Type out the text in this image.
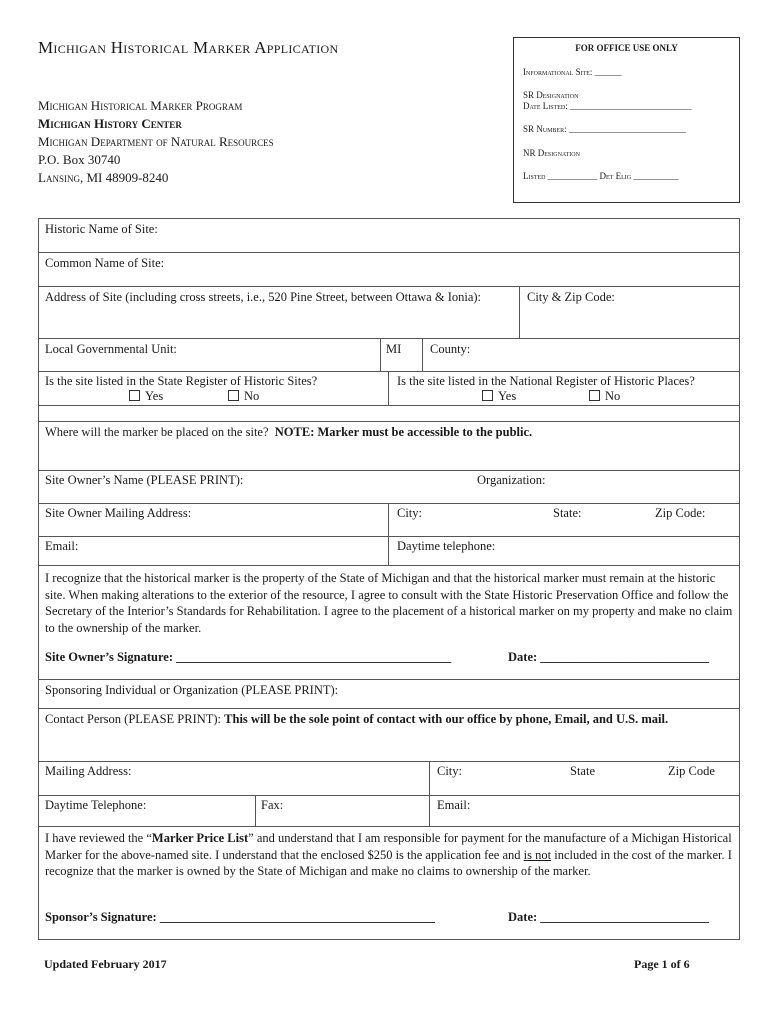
Michigan Historical Marker Application
Michigan Historical Marker Program
Michigan History Center
Michigan Department of Natural Resources
P.O. Box 30740
Lansing, MI 48909-8240
FOR OFFICE USE ONLY
Informational Site: ______
SR Designation
Date Listed: ___________________________
SR Number: __________________________
NR Designation
Listed ___________ Det Elig __________
Historic Name of Site:
Common Name of Site:
Address of Site (including cross streets, i.e., 520 Pine Street, between Ottawa & Ionia):	City & Zip Code:
Local Governmental Unit:	MI County:
Is the site listed in the State Register of Historic Sites?
Yes	No
Is the site listed in the National Register of Historic Places?
Yes	No
Where will the marker be placed on the site? NOTE: Marker must be accessible to the public.
Site Owner’s Name (PLEASE PRINT):	Organization:
Site Owner Mailing Address:	City:	State:	Zip Code:
Email:	Daytime telephone:
I recognize that the historical marker is the property of the State of Michigan and that the historical marker must remain at the historic site. When making alterations to the exterior of the resource, I agree to consult with the State Historic Preservation Office and follow the Secretary of the Interior’s Standards for Rehabilitation. I agree to the placement of a historical marker on my property and make no claim to the ownership of the marker.
Site Owner’s Signature: ____________________________________________	Date: ___________________________
Sponsoring Individual or Organization (PLEASE PRINT):
Contact Person (PLEASE PRINT): This will be the sole point of contact with our office by phone, Email, and U.S. mail.
Mailing Address:	City:	State	Zip Code
Daytime Telephone:	Fax:	Email:
I have reviewed the “Marker Price List” and understand that I am responsible for payment for the manufacture of a Michigan Historical Marker for the above-named site. I understand that the enclosed $250 is the application fee and is not included in the cost of the marker. I recognize that the marker is owned by the State of Michigan and make no claims to ownership of the marker.
Sponsor’s Signature: ____________________________________________	Date: ___________________________
Updated February 2017	Page 1 of 6
